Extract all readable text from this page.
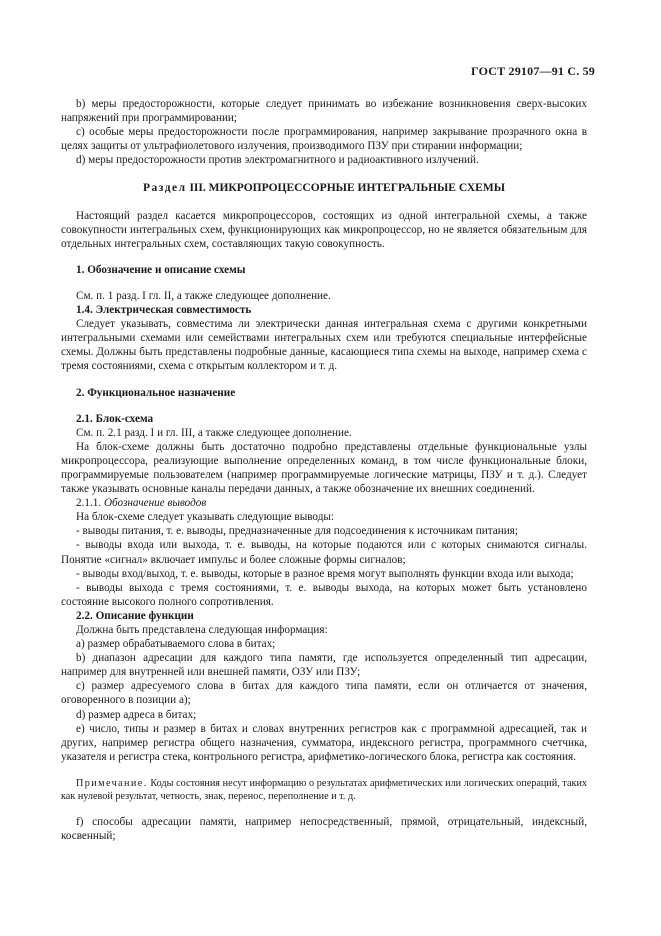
ГОСТ 29107—91 С. 59

b) меры предосторожности, которые следует принимать во избежание возникновения сверх-высоких напряжений при программировании;

c) особые меры предосторожности после программирования, например закрывание прозрачного окна в целях защиты от ультрафиолетового излучения, производимого ПЗУ при стирании информации;

d) меры предосторожности против электромагнитного и радиоактивного излучений.

Раздел III. МИКРОПРОЦЕССОРНЫЕ ИНТЕГРАЛЬНЫЕ СХЕМЫ

Настоящий раздел касается микропроцессоров, состоящих из одной интегральной схемы, а также совокупности интегральных схем, функционирующих как микропроцессор, но не является обязательным для отдельных интегральных схем, составляющих такую совокупность.

1. Обозначение и описание схемы

См. п. 1 разд. I гл. II, а также следующее дополнение.

1.4. Электрическая совместимость

Следует указывать, совместима ли электрически данная интегральная схема с другими конкретными интегральными схемами или семействами интегральных схем или требуются специальные интерфейсные схемы. Должны быть представлены подробные данные, касающиеся типа схемы на выходе, например схема с тремя состояниями, схема с открытым коллектором и т. д.

2. Функциональное назначение
2.1. Блок-схема

См. п. 2.1 разд. I и гл. III, а также следующее дополнение.

На блок-схеме должны быть достаточно подробно представлены отдельные функциональные узлы микропроцессора, реализующие выполнение определенных команд, в том числе функциональные блоки, программируемые пользователем (например программируемые логические матрицы, ПЗУ и т. д.). Следует также указывать основные каналы передачи данных, а также обозначение их внешних соединений.

2.1.1. Обозначение выводов

На блок-схеме следует указывать следующие выводы:

- выводы питания, т. е. выводы, предназначенные для подсоединения к источникам питания;

- выводы входа или выхода, т. е. выводы, на которые подаются или с которых снимаются сигналы. Понятие «сигнал» включает импульс и более сложные формы сигналов;

- выводы вход/выход, т. е. выводы, которые в разное время могут выполнять функции входа или выхода;

- выводы выхода с тремя состояниями, т. е. выводы выхода, на которых может быть установлено состояние высокого полного сопротивления.

2.2. Описание функции

Должна быть представлена следующая информация:

a) размер обрабатываемого слова в битах;

b) диапазон адресации для каждого типа памяти, где используется определенный тип адресации, например для внутренней или внешней памяти, ОЗУ или ПЗУ;

c) размер адресуемого слова в битах для каждого типа памяти, если он отличается от значения, оговоренного в позиции а);

d) размер адреса в битах;

e) число, типы и размер в битах и словах внутренних регистров как с программной адресацией, так и других, например регистра общего назначения, сумматора, индексного регистра, программного счетчика, указателя и регистра стека, контрольного регистра, арифметико-логического блока, регистра как состояния.

Примечание. Коды состояния несут информацию о результатах арифметических или логических операций, таких как нулевой результат, четность, знак, перенос, переполнение и т. д.

f) способы адресации памяти, например непосредственный, прямой, отрицательный, индексный, косвенный;
